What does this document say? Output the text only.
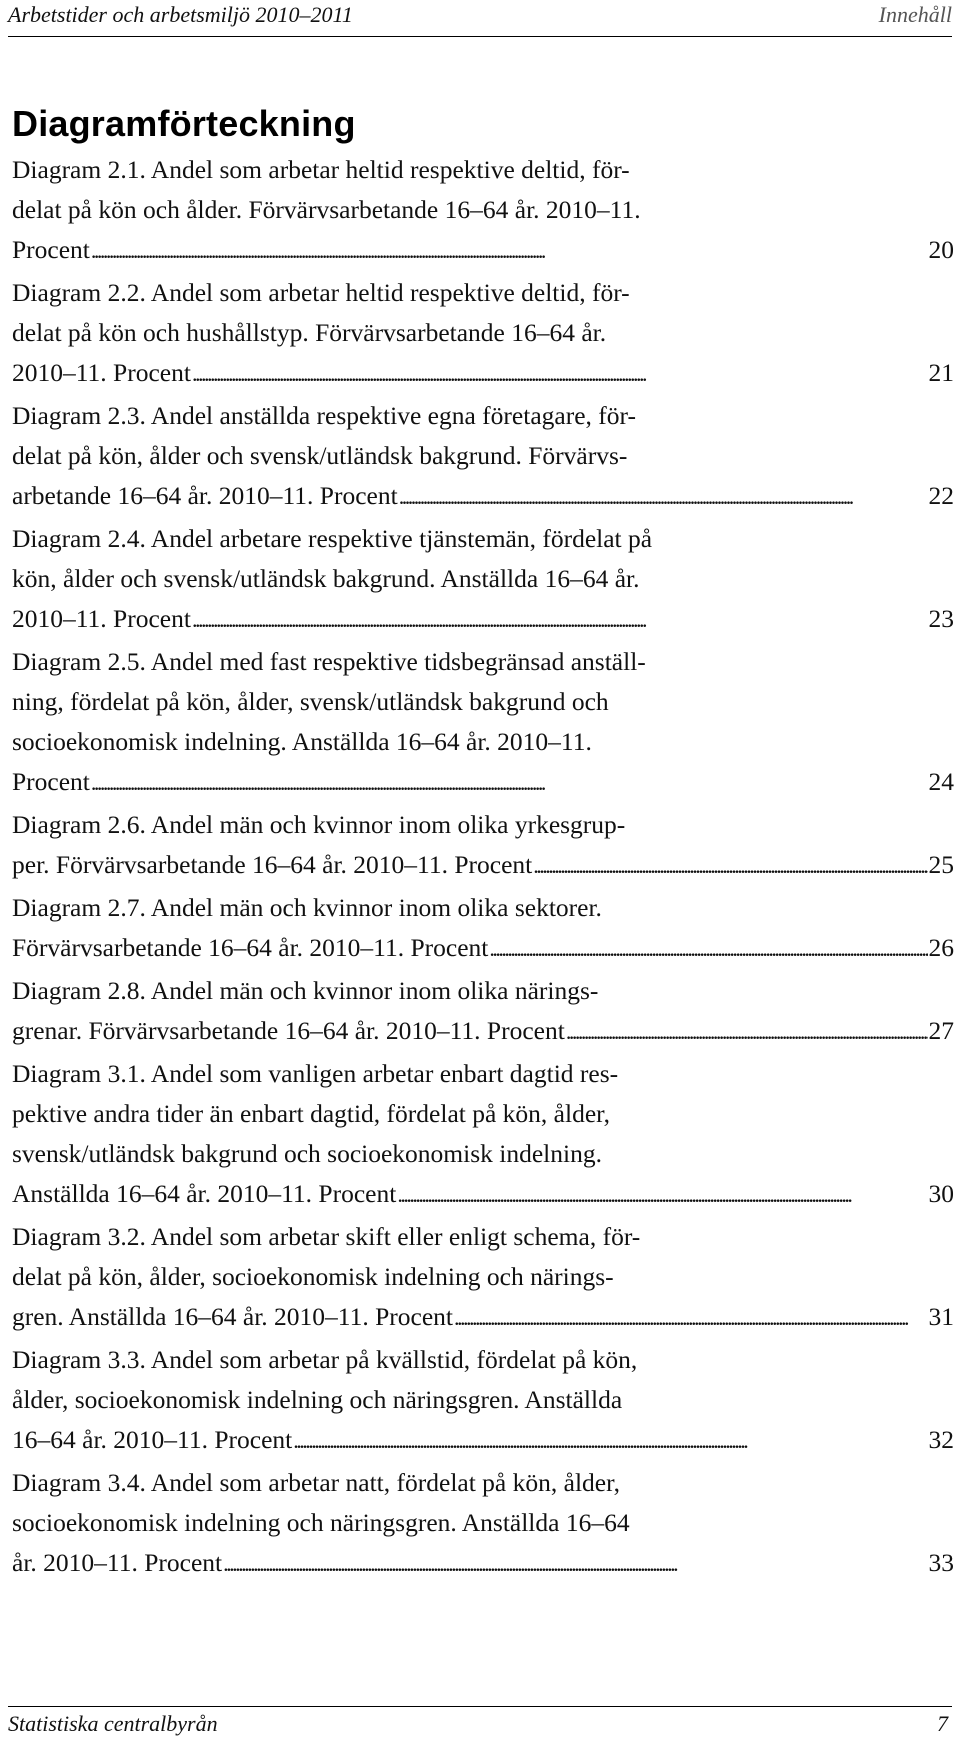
Arbetstider och arbetsmiljö 2010–2011	Innehåll
Diagramförteckning
Diagram 2.1. Andel som arbetar heltid respektive deltid, för-
delat på kön och ålder. Förvärvsarbetande 16–64 år. 2010–11.
Procent . . .	20
Diagram 2.2. Andel som arbetar heltid respektive deltid, för-
delat på kön och hushållstyp. Förvärvsarbetande 16–64 år.
2010–11. Procent . . .	21
Diagram 2.3. Andel anställda respektive egna företagare, för-
delat på kön, ålder och svensk/utländsk bakgrund. Förvärvs-
arbetande 16–64 år. 2010–11. Procent . . .	22
Diagram 2.4. Andel arbetare respektive tjänstemän, fördelat på
kön, ålder och svensk/utländsk bakgrund. Anställda 16–64 år.
2010–11. Procent . . .	23
Diagram 2.5. Andel med fast respektive tidsbegränsad anställ-
ning, fördelat på kön, ålder, svensk/utländsk bakgrund och
socioekonomisk indelning. Anställda 16–64 år. 2010–11.
Procent . . .	24
Diagram 2.6. Andel män och kvinnor inom olika yrkesgrup-
per. Förvärvsarbetande 16–64 år. 2010–11. Procent . . .	25
Diagram 2.7. Andel män och kvinnor inom olika sektorer.
Förvärvsarbetande 16–64 år. 2010–11. Procent . . .	26
Diagram 2.8. Andel män och kvinnor inom olika närings-
grenar. Förvärvsarbetande 16–64 år. 2010–11. Procent . . .	27
Diagram 3.1. Andel som vanligen arbetar enbart dagtid res-
pektive andra tider än enbart dagtid, fördelat på kön, ålder,
svensk/utländsk bakgrund och socioekonomisk indelning.
Anställda 16–64 år. 2010–11. Procent . . .	30
Diagram 3.2. Andel som arbetar skift eller enligt schema, för-
delat på kön, ålder, socioekonomisk indelning och närings-
gren. Anställda 16–64 år. 2010–11. Procent . . .	31
Diagram 3.3. Andel som arbetar på kvällstid, fördelat på kön,
ålder, socioekonomisk indelning och näringsgren. Anställda
16–64 år. 2010–11. Procent . . .	32
Diagram 3.4. Andel som arbetar natt, fördelat på kön, ålder,
socioekonomisk indelning och näringsgren. Anställda 16–64
år. 2010–11. Procent . . .	33
Statistiska centralbyrån	7
